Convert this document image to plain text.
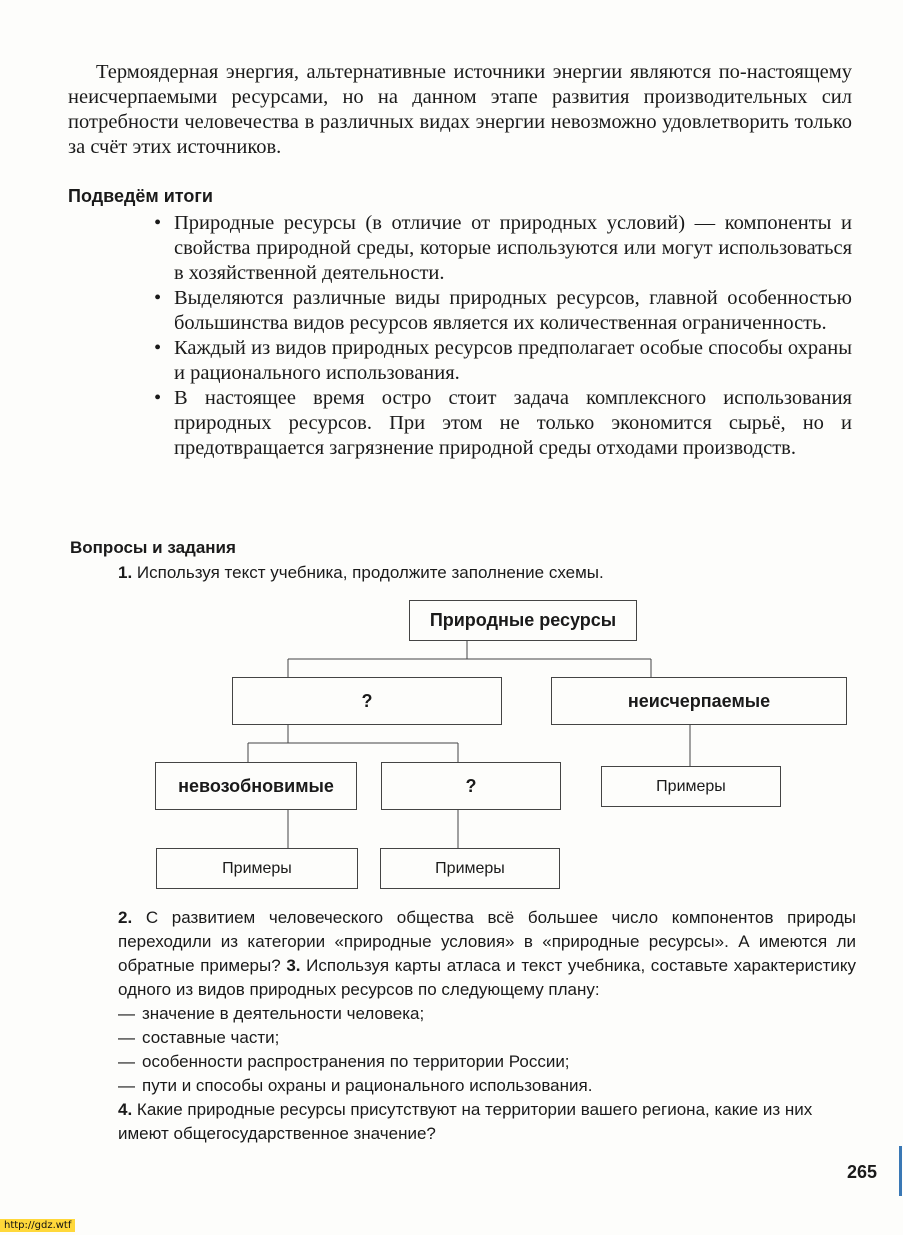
Термоядерная энергия, альтернативные источники энергии являются по-настоящему неисчерпаемыми ресурсами, но на данном этапе развития производительных сил потребности человечества в различных видах энергии невозможно удовлетворить только за счёт этих источников.

Подведём итоги
• Природные ресурсы (в отличие от природных условий) — компоненты и свойства природной среды, которые используются или могут использоваться в хозяйственной деятельности.
• Выделяются различные виды природных ресурсов, главной особенностью большинства видов ресурсов является их количественная ограниченность.
• Каждый из видов природных ресурсов предполагает особые способы охраны и рационального использования.
• В настоящее время остро стоит задача комплексного использования природных ресурсов. При этом не только экономится сырьё, но и предотвращается загрязнение природной среды отходами производств.
Вопросы и задания

1. Используя текст учебника, продолжите заполнение схемы.

Природные ресурсы
?	неисчерпаемые
невозобновимые	?	Примеры
Примеры	Примеры

2. С развитием человеческого общества всё большее число компонентов природы переходили из категории «природные условия» в «природные ресурсы». А имеются ли обратные примеры? 3. Используя карты атласа и текст учебника, составьте характеристику одного из видов природных ресурсов по следующему плану:

— значение в деятельности человека;
— составные части;
— особенности распространения по территории России;
— пути и способы охраны и рационального использования.

4. Какие природные ресурсы присутствуют на территории вашего региона, какие из них имеют общегосударственное значение?

265
http://gdz.wtf
